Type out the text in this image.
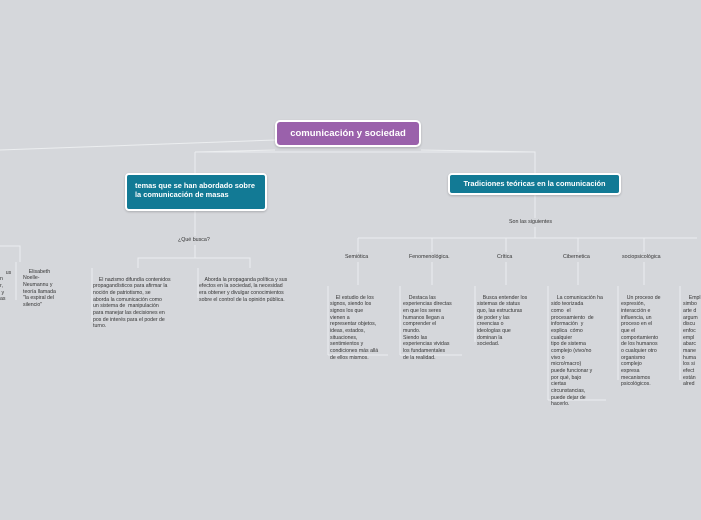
comunicación y sociedad
temas que se han abordado sobre la comunicación de masas
Tradiciones teóricas en la comunicación
¿Qué busca?

us
n
r,
y
as

Elisabeth
Noelle-
Neumannu y
teoría llamada
"la espiral del
silencio"

El nazismo difundía contenidos
propagandísticos para afirmar la
noción de patriotismo, se
aborda la comunicación como
un sistema de  manipulación
para manejar las decisiones en
pos de interés para el poder de
turno.

Aborda la propaganda política y sus
efectos en la sociedad, la necesidad
era obtener y divulgar conocimientos
sobre el control de la opinión pública.

Son las siguientes
Semiótica	Fenomenológica.	Crítica	Cibernetica	sociopsicológica

El estudio de los
signos, siendo los
signos los que
vienen a
representar objetos,
ideas, estados,
situaciones,
sentimientos y
condiciones más allá
de ellos mismos.

Destaca las
experiencias directas
en que los seres
humanos llegan a
comprender el
mundo.
Siendo las
experiencias vividas
los fundamentales
de la realidad.

Busca entender los
sistemas de status
quo, las estructuras
de poder y las
creencias o
ideologías que
dominan la
sociedad.

La comunicación ha
sido teorizada
como  el
procesamiento  de
información  y
explica  cómo
cualquier
tipo de sistema
complejo (vivo/no
vivo o
micro/macro)
puede funcionar y
por qué, bajo
ciertas
circunstancias,
puede dejar de
hacerlo.

Un proceso de
expresión,
interacción e
influencia, un
proceso en el
que el
comportamiento
de los humanos
o cualquier otro
organismo
complejo
expresa
mecanismos
psicológicos.

Empl
simbo
arte d
argum
discu
enfoc
empl
abarc
mane
huma
los si
efect
están
alred
